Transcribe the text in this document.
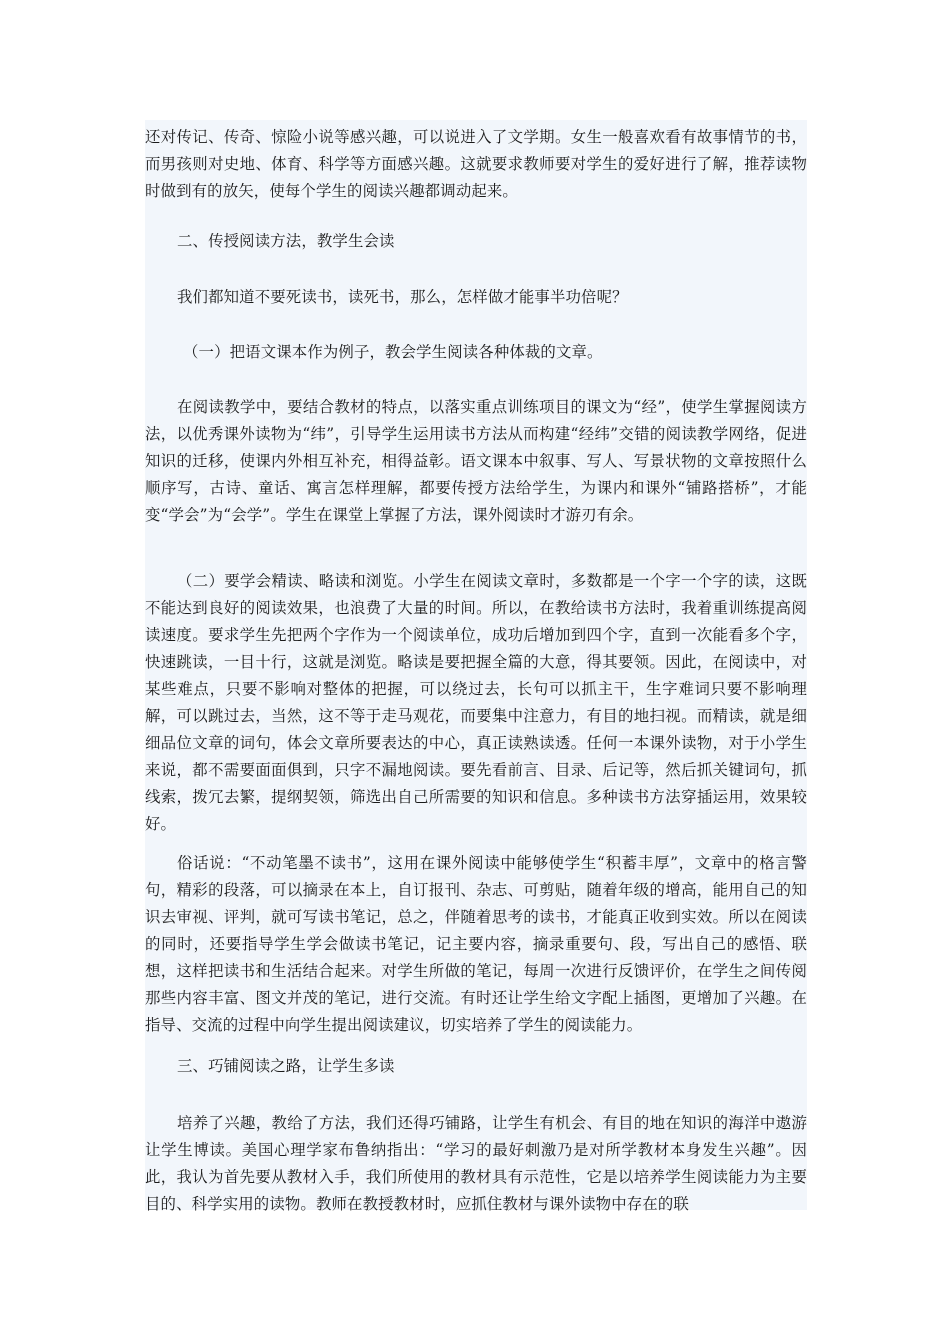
还对传记、传奇、惊险小说等感兴趣，可以说进入了文学期。女生一般喜欢看有故事情节的书，而男孩则对史地、体育、科学等方面感兴趣。这就要求教师要对学生的爱好进行了解，推荐读物时做到有的放矢，使每个学生的阅读兴趣都调动起来。

二、传授阅读方法，教学生会读

我们都知道不要死读书，读死书，那么，怎样做才能事半功倍呢？

（一）把语文课本作为例子，教会学生阅读各种体裁的文章。

在阅读教学中，要结合教材的特点，以落实重点训练项目的课文为“经”，使学生掌握阅读方法，以优秀课外读物为“纬”，引导学生运用读书方法从而构建“经纬”交错的阅读教学网络，促进知识的迁移，使课内外相互补充，相得益彰。语文课本中叙事、写人、写景状物的文章按照什么顺序写，古诗、童话、寓言怎样理解，都要传授方法给学生，为课内和课外“铺路搭桥”，才能变“学会”为“会学”。学生在课堂上掌握了方法，课外阅读时才游刃有余。

（二）要学会精读、略读和浏览。小学生在阅读文章时，多数都是一个字一个字的读，这既不能达到良好的阅读效果，也浪费了大量的时间。所以，在教给读书方法时，我着重训练提高阅读速度。要求学生先把两个字作为一个阅读单位，成功后增加到四个字，直到一次能看多个字，快速跳读，一目十行，这就是浏览。略读是要把握全篇的大意，得其要领。因此，在阅读中，对某些难点，只要不影响对整体的把握，可以绕过去，长句可以抓主干，生字难词只要不影响理解，可以跳过去，当然，这不等于走马观花，而要集中注意力，有目的地扫视。而精读，就是细细品位文章的词句，体会文章所要表达的中心，真正读熟读透。任何一本课外读物，对于小学生来说，都不需要面面俱到，只字不漏地阅读。要先看前言、目录、后记等，然后抓关键词句，抓线索，拨冗去繁，提纲契领，筛选出自己所需要的知识和信息。多种读书方法穿插运用，效果较好。

俗话说：“不动笔墨不读书”，这用在课外阅读中能够使学生“积蓄丰厚”，文章中的格言警句，精彩的段落，可以摘录在本上，自订报刊、杂志、可剪贴，随着年级的增高，能用自己的知识去审视、评判，就可写读书笔记，总之，伴随着思考的读书，才能真正收到实效。所以在阅读的同时，还要指导学生学会做读书笔记，记主要内容，摘录重要句、段，写出自己的感悟、联想，这样把读书和生活结合起来。对学生所做的笔记，每周一次进行反馈评价，在学生之间传阅那些内容丰富、图文并茂的笔记，进行交流。有时还让学生给文字配上插图，更增加了兴趣。在指导、交流的过程中向学生提出阅读建议，切实培养了学生的阅读能力。

三、巧铺阅读之路，让学生多读

培养了兴趣，教给了方法，我们还得巧铺路，让学生有机会、有目的地在知识的海洋中遨游让学生博读。美国心理学家布鲁纳指出：“学习的最好刺激乃是对所学教材本身发生兴趣”。因此，我认为首先要从教材入手，我们所使用的教材具有示范性，它是以培养学生阅读能力为主要目的、科学实用的读物。教师在教授教材时，应抓住教材与课外读物中存在的联
